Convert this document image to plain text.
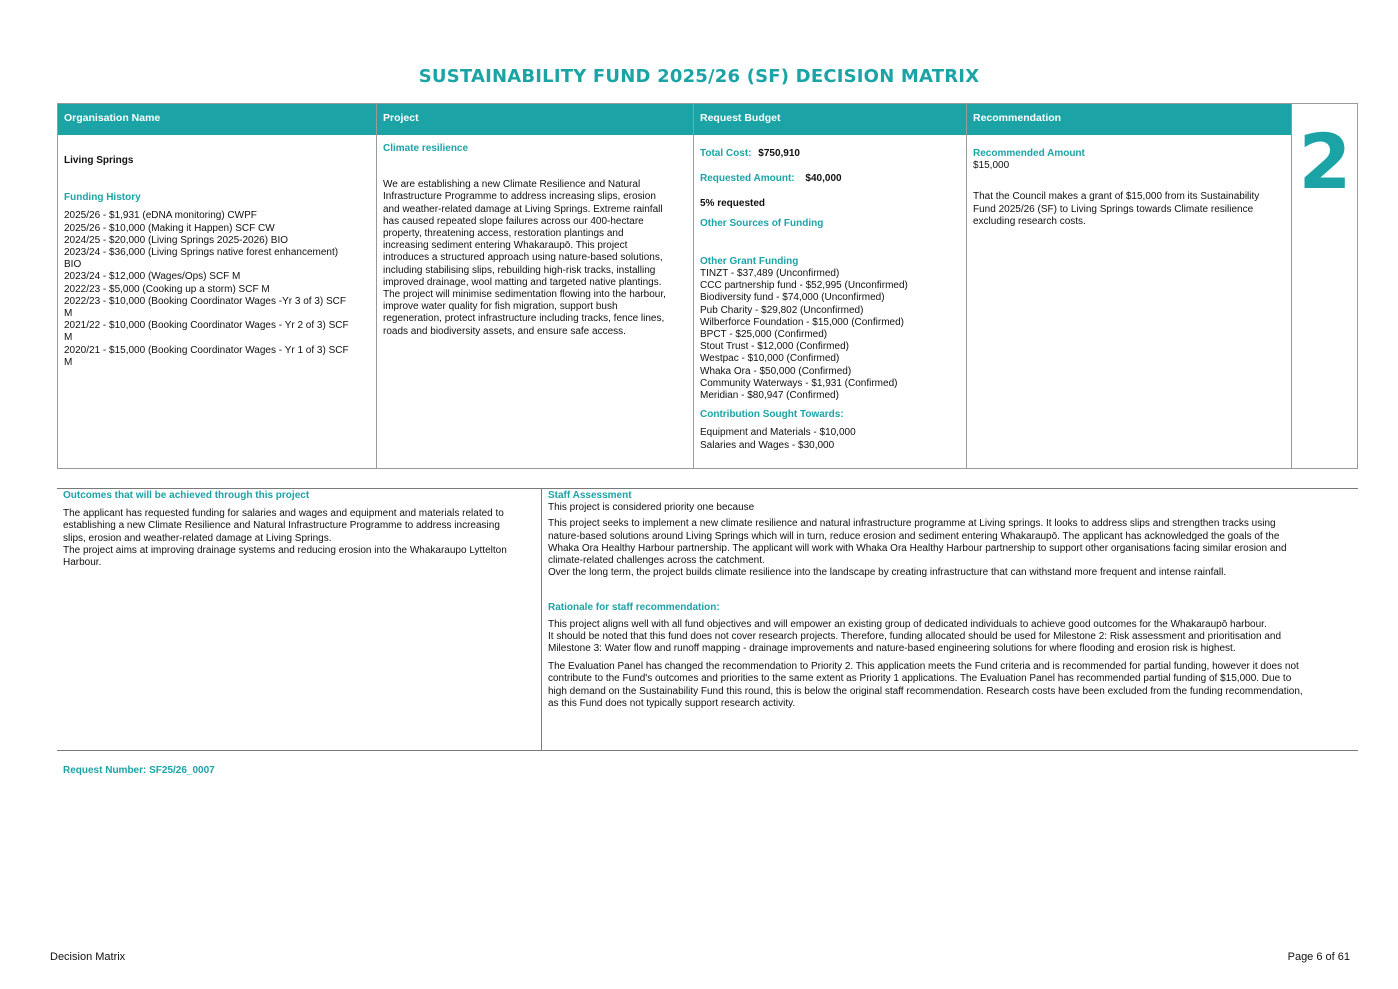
SUSTAINABILITY FUND 2025/26 (SF) DECISION MATRIX
Organisation Name
Living Springs
Funding History
2025/26 - $1,931 (eDNA monitoring) CWPF
2025/26 - $10,000 (Making it Happen) SCF CW
2024/25 - $20,000 (Living Springs 2025-2026) BIO
2023/24 - $36,000 (Living Springs native forest enhancement)
BIO
2023/24 - $12,000 (Wages/Ops) SCF M
2022/23 - $5,000 (Cooking up a storm) SCF M
2022/23 - $10,000 (Booking Coordinator Wages -Yr 3 of 3) SCF
M
2021/22 - $10,000 (Booking Coordinator Wages - Yr 2 of 3) SCF
M
2020/21 - $15,000 (Booking Coordinator Wages - Yr 1 of 3) SCF
M
Project
Climate resilience
We are establishing a new Climate Resilience and Natural
Infrastructure Programme to address increasing slips, erosion
and weather-related damage at Living Springs. Extreme rainfall
has caused repeated slope failures across our 400-hectare
property, threatening access, restoration plantings and
increasing sediment entering Whakaraupō. This project
introduces a structured approach using nature-based solutions,
including stabilising slips, rebuilding high-risk tracks, installing
improved drainage, wool matting and targeted native plantings.
The project will minimise sedimentation flowing into the harbour,
improve water quality for fish migration, support bush
regeneration, protect infrastructure including tracks, fence lines,
roads and biodiversity assets, and ensure safe access.
Request Budget
Total Cost: $750,910
Requested Amount: $40,000
5% requested
Other Sources of Funding
Other Grant Funding
TINZT - $37,489 (Unconfirmed)
CCC partnership fund - $52,995 (Unconfirmed)
Biodiversity fund - $74,000 (Unconfirmed)
Pub Charity - $29,802 (Unconfirmed)
Wilberforce Foundation - $15,000 (Confirmed)
BPCT - $25,000 (Confirmed)
Stout Trust - $12,000 (Confirmed)
Westpac - $10,000 (Confirmed)
Whaka Ora - $50,000 (Confirmed)
Community Waterways - $1,931 (Confirmed)
Meridian - $80,947 (Confirmed)
Contribution Sought Towards:
Equipment and Materials - $10,000
Salaries and Wages - $30,000
Recommendation
Recommended Amount
$15,000
That the Council makes a grant of $15,000 from its Sustainability
Fund 2025/26 (SF) to Living Springs towards Climate resilience
excluding research costs.
2
Outcomes that will be achieved through this project
The applicant has requested funding for salaries and wages and equipment and materials related to
establishing a new Climate Resilience and Natural Infrastructure Programme to address increasing
slips, erosion and weather-related damage at Living Springs.
The project aims at improving drainage systems and reducing erosion into the Whakaraupo Lyttelton
Harbour.
Staff Assessment
This project is considered priority one because
This project seeks to implement a new climate resilience and natural infrastructure programme at Living springs. It looks to address slips and strengthen tracks using
nature-based solutions around Living Springs which will in turn, reduce erosion and sediment entering Whakaraupō. The applicant has acknowledged the goals of the
Whaka Ora Healthy Harbour partnership. The applicant will work with Whaka Ora Healthy Harbour partnership to support other organisations facing similar erosion and
climate-related challenges across the catchment.
Over the long term, the project builds climate resilience into the landscape by creating infrastructure that can withstand more frequent and intense rainfall.
Rationale for staff recommendation:
This project aligns well with all fund objectives and will empower an existing group of dedicated individuals to achieve good outcomes for the Whakaraupō harbour.
It should be noted that this fund does not cover research projects. Therefore, funding allocated should be used for Milestone 2: Risk assessment and prioritisation and
Milestone 3: Water flow and runoff mapping - drainage improvements and nature-based engineering solutions for where flooding and erosion risk is highest.
The Evaluation Panel has changed the recommendation to Priority 2. This application meets the Fund criteria and is recommended for partial funding, however it does not
contribute to the Fund's outcomes and priorities to the same extent as Priority 1 applications. The Evaluation Panel has recommended partial funding of $15,000. Due to
high demand on the Sustainability Fund this round, this is below the original staff recommendation. Research costs have been excluded from the funding recommendation,
as this Fund does not typically support research activity.
Request Number: SF25/26_0007
Decision Matrix	Page 6 of 61
